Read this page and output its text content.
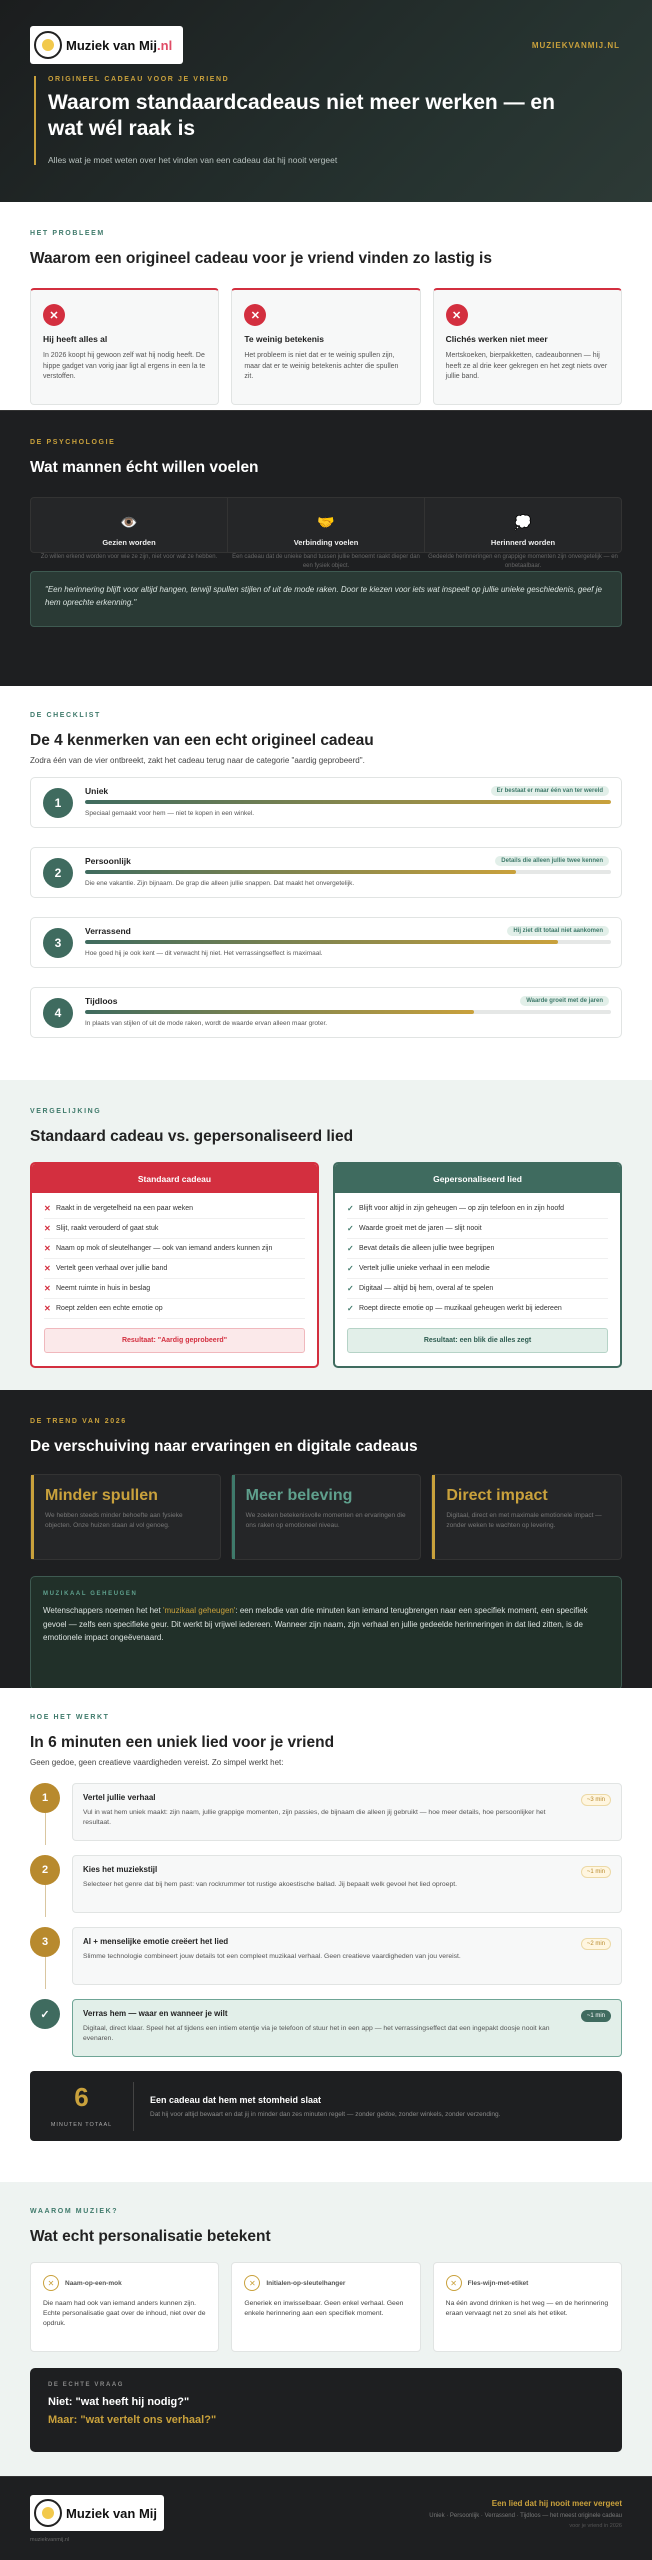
Muziek van Mij.nl	MUZIEKVANMIJ.NL
ORIGINEEL CADEAU VOOR JE VRIEND
Waarom standaardcadeaus niet meer werken — en wat wél raak is

Alles wat je moet weten over het vinden van een cadeau dat hij nooit vergeet

HET PROBLEEM
Waarom een origineel cadeau voor je vriend vinden zo lastig is
✕
Hij heeft alles al

In 2026 koopt hij gewoon zelf wat hij nodig heeft. De hippe gadget van vorig jaar ligt al ergens in een la te verstoffen.

✕
Te weinig betekenis

Het probleem is niet dat er te weinig spullen zijn, maar dat er te weinig betekenis achter die spullen zit.

✕
Clichés werken niet meer

Mertskoeken, bierpakketten, cadeaubonnen — hij heeft ze al drie keer gekregen en het zegt niets over jullie band.

DE PSYCHOLOGIE
Wat mannen écht willen voelen
👁️
Gezien worden

Zo willen erkend worden voor wie ze zijn, niet voor wat ze hebben.

🤝
Verbinding voelen

Een cadeau dat de unieke band tussen jullie benoemt raakt dieper dan een fysiek object.

💭
Herinnerd worden

Gedeelde herinneringen en grappige momenten zijn onvergetelijk — en onbetaalbaar.

"Een herinnering blijft voor altijd hangen, terwijl spullen stijlen of uit de mode raken. Door te kiezen voor iets wat inspeelt op jullie unieke geschiedenis, geef je hem oprechte erkenning."
DE CHECKLIST
De 4 kenmerken van een echt origineel cadeau

Zodra één van de vier ontbreekt, zakt het cadeau terug naar de categorie "aardig geprobeerd".

1
Uniek	Er bestaat er maar één van ter wereld

Speciaal gemaakt voor hem — niet te kopen in een winkel.

2
Persoonlijk	Details die alleen jullie twee kennen

Die ene vakantie. Zijn bijnaam. De grap die alleen jullie snappen. Dat maakt het onvergetelijk.

3
Verrassend	Hij ziet dit totaal niet aankomen

Hoe goed hij je ook kent — dit verwacht hij niet. Het verrassingseffect is maximaal.

4
Tijdloos	Waarde groeit met de jaren

In plaats van stijlen of uit de mode raken, wordt de waarde ervan alleen maar groter.

VERGELIJKING
Standaard cadeau vs. gepersonaliseerd lied
Standaard cadeau
✕ Raakt in de vergetelheid na een paar weken
✕ Slijt, raakt verouderd of gaat stuk
✕ Naam op mok of sleutelhanger — ook van iemand anders kunnen zijn
✕ Vertelt geen verhaal over jullie band
✕ Neemt ruimte in huis in beslag
✕ Roept zelden een echte emotie op
Resultaat: "Aardig geprobeerd"
Gepersonaliseerd lied
✓ Blijft voor altijd in zijn geheugen — op zijn telefoon en in zijn hoofd
✓ Waarde groeit met de jaren — slijt nooit
✓ Bevat details die alleen jullie twee begrijpen
✓ Vertelt jullie unieke verhaal in een melodie
✓ Digitaal — altijd bij hem, overal af te spelen
✓ Roept directe emotie op — muzikaal geheugen werkt bij iedereen
Resultaat: een blik die alles zegt
DE TREND VAN 2026
De verschuiving naar ervaringen en digitale cadeaus
Minder spullen

We hebben steeds minder behoefte aan fysieke objecten. Onze huizen staan al vol genoeg.

Meer beleving

We zoeken betekenisvolle momenten en ervaringen die ons raken op emotioneel niveau.

Direct impact

Digitaal, direct en met maximale emotionele impact — zonder weken te wachten op levering.

MUZIKAAL GEHEUGEN

Wetenschappers noemen het het 'muzikaal geheugen': een melodie van drie minuten kan iemand terugbrengen naar een specifiek moment, een specifiek gevoel — zelfs een specifieke geur. Dit werkt bij vrijwel iedereen. Wanneer zijn naam, zijn verhaal en jullie gedeelde herinneringen in dat lied zitten, is de emotionele impact ongeëvenaard.

HOE HET WERKT
In 6 minuten een uniek lied voor je vriend

Geen gedoe, geen creatieve vaardigheden vereist. Zo simpel werkt het:

1	Vertel jullie verhaal	~3 min

Vul in wat hem uniek maakt: zijn naam, jullie grappige momenten, zijn passies, de bijnaam die alleen jij gebruikt — hoe meer details, hoe persoonlijker het resultaat.

2	Kies het muziekstijl	~1 min

Selecteer het genre dat bij hem past: van rockrummer tot rustige akoestische ballad. Jij bepaalt welk gevoel het lied oproept.

3	AI + menselijke emotie creëert het lied	~2 min

Slimme technologie combineert jouw details tot een compleet muzikaal verhaal. Geen creatieve vaardigheden van jou vereist.

✓	Verras hem — waar en wanneer je wilt	~1 min

Digitaal, direct klaar. Speel het af tijdens een intiem etentje via je telefoon of stuur het in een app — het verrassingseffect dat een ingepakt doosje nooit kan evenaren.

6
MINUTEN TOTAAL
Een cadeau dat hem met stomheid slaat

Dat hij voor altijd bewaart en dat jij in minder dan zes minuten regelt — zonder gedoe, zonder winkels, zonder verzending.

WAAROM MUZIEK?
Wat echt personalisatie betekent
✕	Naam-op-een-mok

Die naam had ook van iemand anders kunnen zijn. Echte personalisatie gaat over de inhoud, niet over de opdruk.

✕	Initialen-op-sleutelhanger

Generiek en inwisselbaar. Geen enkel verhaal. Geen enkele herinnering aan een specifiek moment.

✕	Fles-wijn-met-etiket

Na één avond drinken is het weg — en de herinnering eraan vervaagt net zo snel als het etiket.

DE ECHTE VRAAG
Niet: "wat heeft hij nodig?"
Maar: "wat vertelt ons verhaal?"
Muziek van Mij
muziekvanmij.nl
Een lied dat hij nooit meer vergeet

Uniek · Persoonlijk · Verrassend · Tijdloos — het meest originele cadeau

voor je vriend in 2026
